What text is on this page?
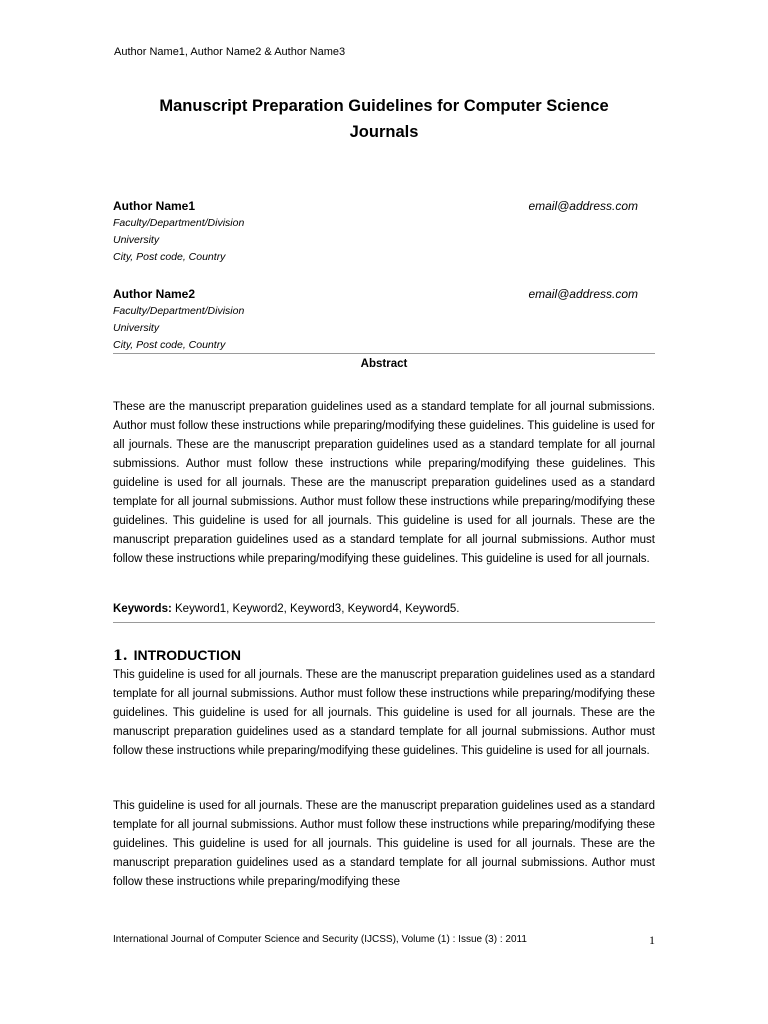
Author Name1, Author Name2 & Author Name3
Manuscript Preparation Guidelines for Computer Science
Journals
Author Name1	email@address.com
Faculty/Department/Division
University
City, Post code, Country
Author Name2	email@address.com
Faculty/Department/Division
University
City, Post code, Country
Abstract

These are the manuscript preparation guidelines used as a standard template for all journal submissions. Author must follow these instructions while preparing/modifying these guidelines. This guideline is used for all journals. These are the manuscript preparation guidelines used as a standard template for all journal submissions. Author must follow these instructions while preparing/modifying these guidelines. This guideline is used for all journals. These are the manuscript preparation guidelines used as a standard template for all journal submissions. Author must follow these instructions while preparing/modifying these guidelines. This guideline is used for all journals. This guideline is used for all journals. These are the manuscript preparation guidelines used as a standard template for all journal submissions. Author must follow these instructions while preparing/modifying these guidelines. This guideline is used for all journals.

Keywords: Keyword1, Keyword2, Keyword3, Keyword4, Keyword5.
1. INTRODUCTION

This guideline is used for all journals. These are the manuscript preparation guidelines used as a standard template for all journal submissions. Author must follow these instructions while preparing/modifying these guidelines. This guideline is used for all journals. This guideline is used for all journals. These are the manuscript preparation guidelines used as a standard template for all journal submissions. Author must follow these instructions while preparing/modifying these guidelines. This guideline is used for all journals.

This guideline is used for all journals. These are the manuscript preparation guidelines used as a standard template for all journal submissions. Author must follow these instructions while preparing/modifying these guidelines. This guideline is used for all journals. This guideline is used for all journals. These are the manuscript preparation guidelines used as a standard template for all journal submissions. Author must follow these instructions while preparing/modifying these

International Journal of Computer Science and Security (IJCSS), Volume (1) : Issue (3) : 2011	1
